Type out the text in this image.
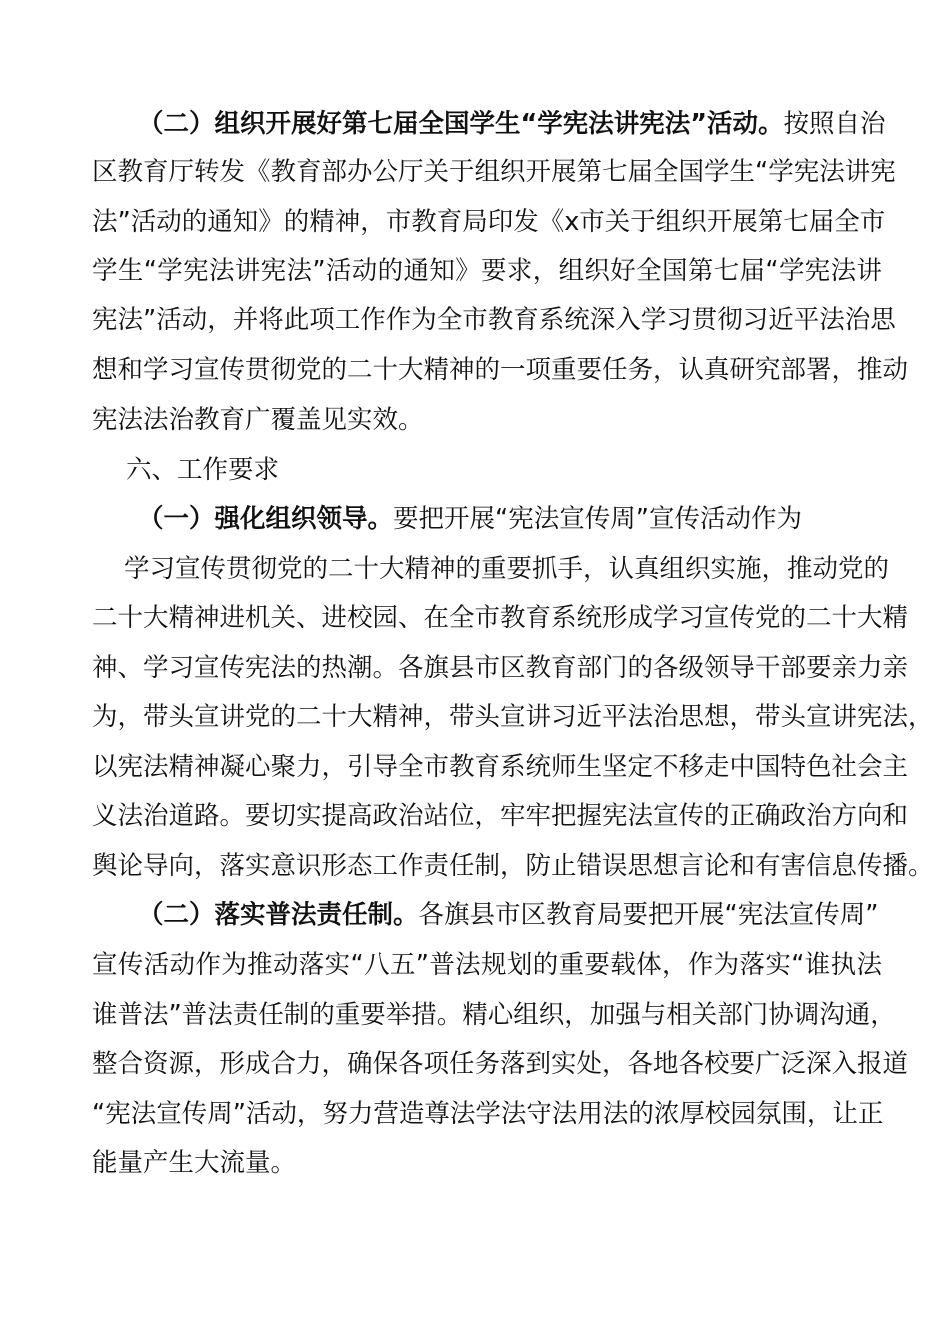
（二）组织开展好第七届全国学生“学宪法讲宪法”活动。按照自治
区教育厅转发《教育部办公厅关于组织开展第七届全国学生“学宪法讲宪
法”活动的通知》的精神，市教育局印发《x市关于组织开展第七届全市
学生“学宪法讲宪法”活动的通知》要求，组织好全国第七届“学宪法讲
宪法”活动，并将此项工作作为全市教育系统深入学习贯彻习近平法治思
想和学习宣传贯彻党的二十大精神的一项重要任务，认真研究部署，推动
宪法法治教育广覆盖见实效。
六、工作要求
（一）强化组织领导。要把开展“宪法宣传周”宣传活动作为
学习宣传贯彻党的二十大精神的重要抓手，认真组织实施，推动党的
二十大精神进机关、进校园、在全市教育系统形成学习宣传党的二十大精
神、学习宣传宪法的热潮。各旗县市区教育部门的各级领导干部要亲力亲
为，带头宣讲党的二十大精神，带头宣讲习近平法治思想，带头宣讲宪法，
以宪法精神凝心聚力，引导全市教育系统师生坚定不移走中国特色社会主
义法治道路。要切实提高政治站位，牢牢把握宪法宣传的正确政治方向和
舆论导向，落实意识形态工作责任制，防止错误思想言论和有害信息传播。
（二）落实普法责任制。各旗县市区教育局要把开展“宪法宣传周”
宣传活动作为推动落实“八五”普法规划的重要载体，作为落实“谁执法
谁普法”普法责任制的重要举措。精心组织，加强与相关部门协调沟通，
整合资源，形成合力，确保各项任务落到实处，各地各校要广泛深入报道
“宪法宣传周”活动，努力营造尊法学法守法用法的浓厚校园氛围，让正
能量产生大流量。
